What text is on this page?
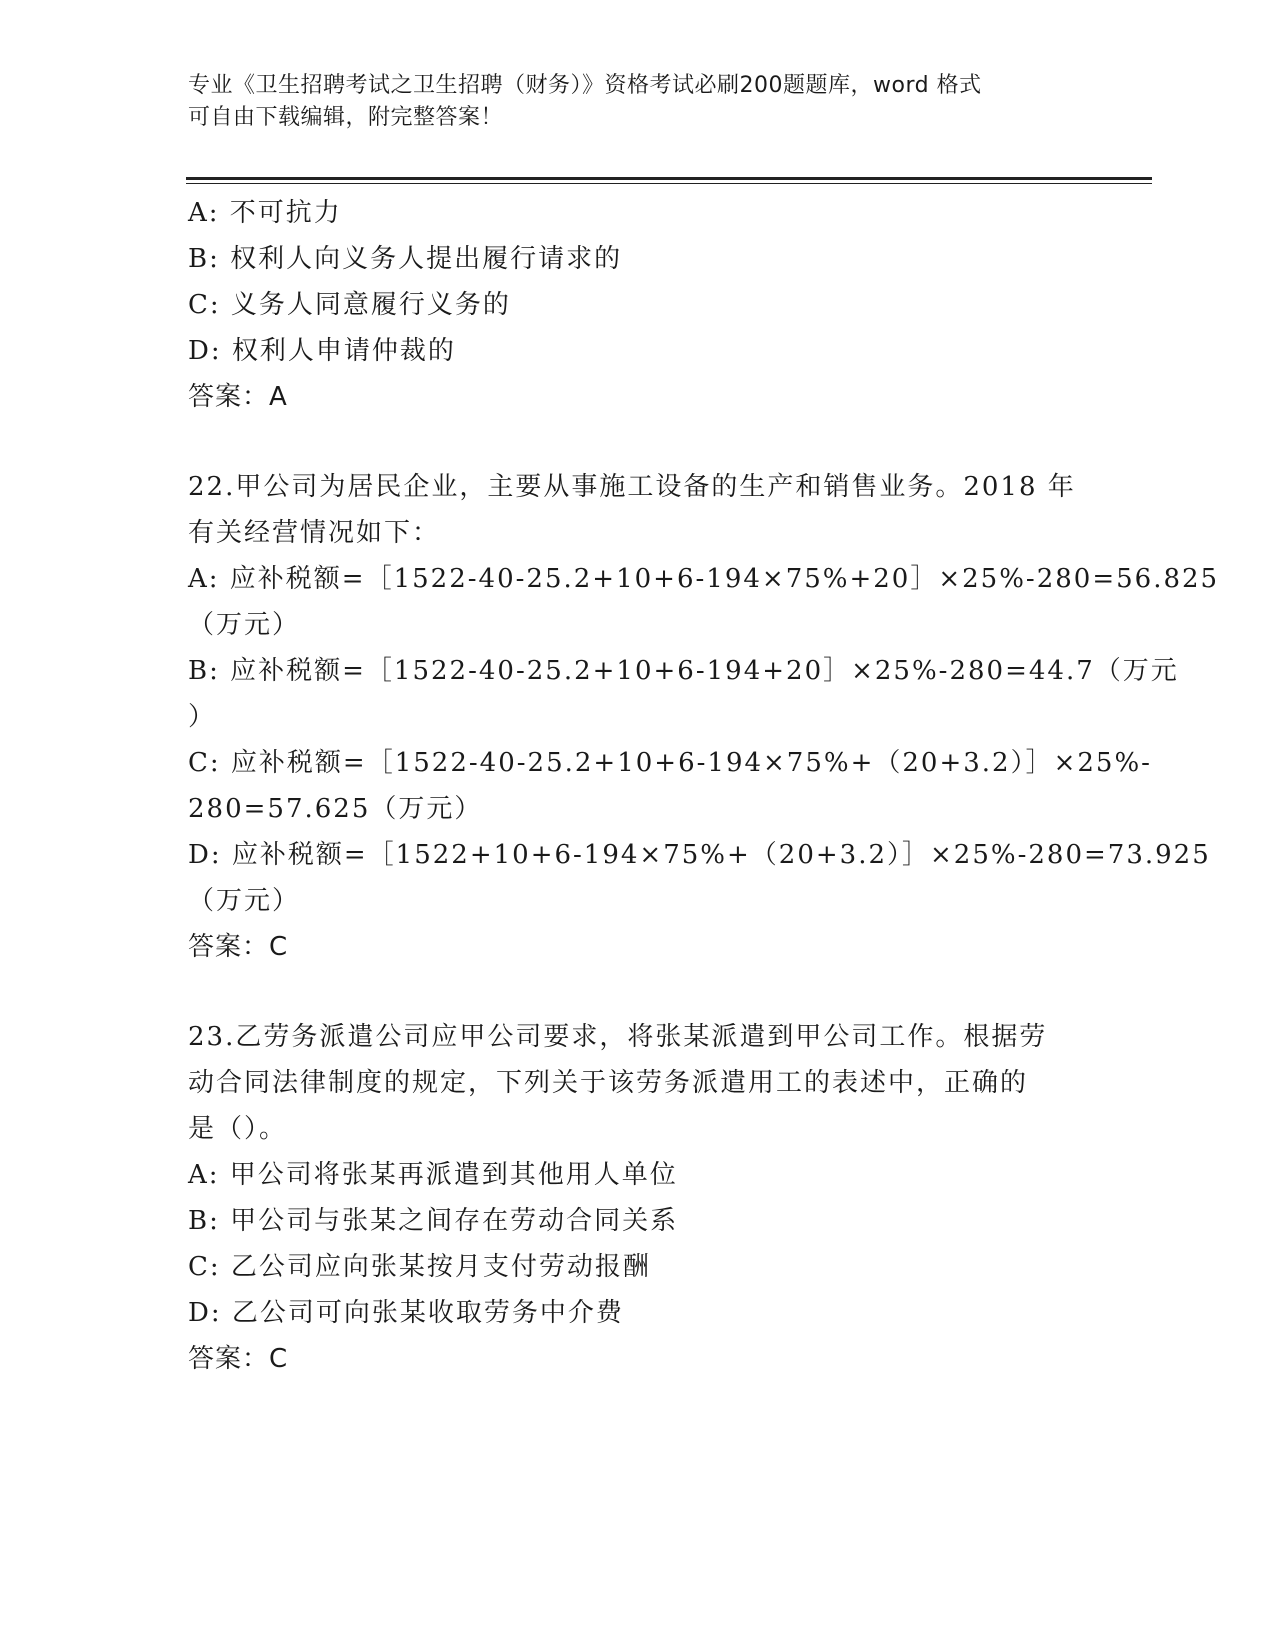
专业《卫生招聘考试之卫生招聘（财务）》资格考试必刷200题题库，word 格式
可自由下载编辑，附完整答案！
A: 不可抗力
B: 权利人向义务人提出履行请求的
C: 义务人同意履行义务的
D: 权利人申请仲裁的
答案：A
22.甲公司为居民企业，主要从事施工设备的生产和销售业务。2018 年
有关经营情况如下：
A: 应补税额=［1522-40-25.2+10+6-194×75%+20］×25%-280=56.825
（万元）
B: 应补税额=［1522-40-25.2+10+6-194+20］×25%-280=44.7（万元
）
C: 应补税额=［1522-40-25.2+10+6-194×75%+（20+3.2）］×25%-
280=57.625（万元）
D: 应补税额=［1522+10+6-194×75%+（20+3.2）］×25%-280=73.925
（万元）
答案：C
23.乙劳务派遣公司应甲公司要求，将张某派遣到甲公司工作。根据劳
动合同法律制度的规定，下列关于该劳务派遣用工的表述中，正确的
是（）。
A: 甲公司将张某再派遣到其他用人单位
B: 甲公司与张某之间存在劳动合同关系
C: 乙公司应向张某按月支付劳动报酬
D: 乙公司可向张某收取劳务中介费
答案：C
